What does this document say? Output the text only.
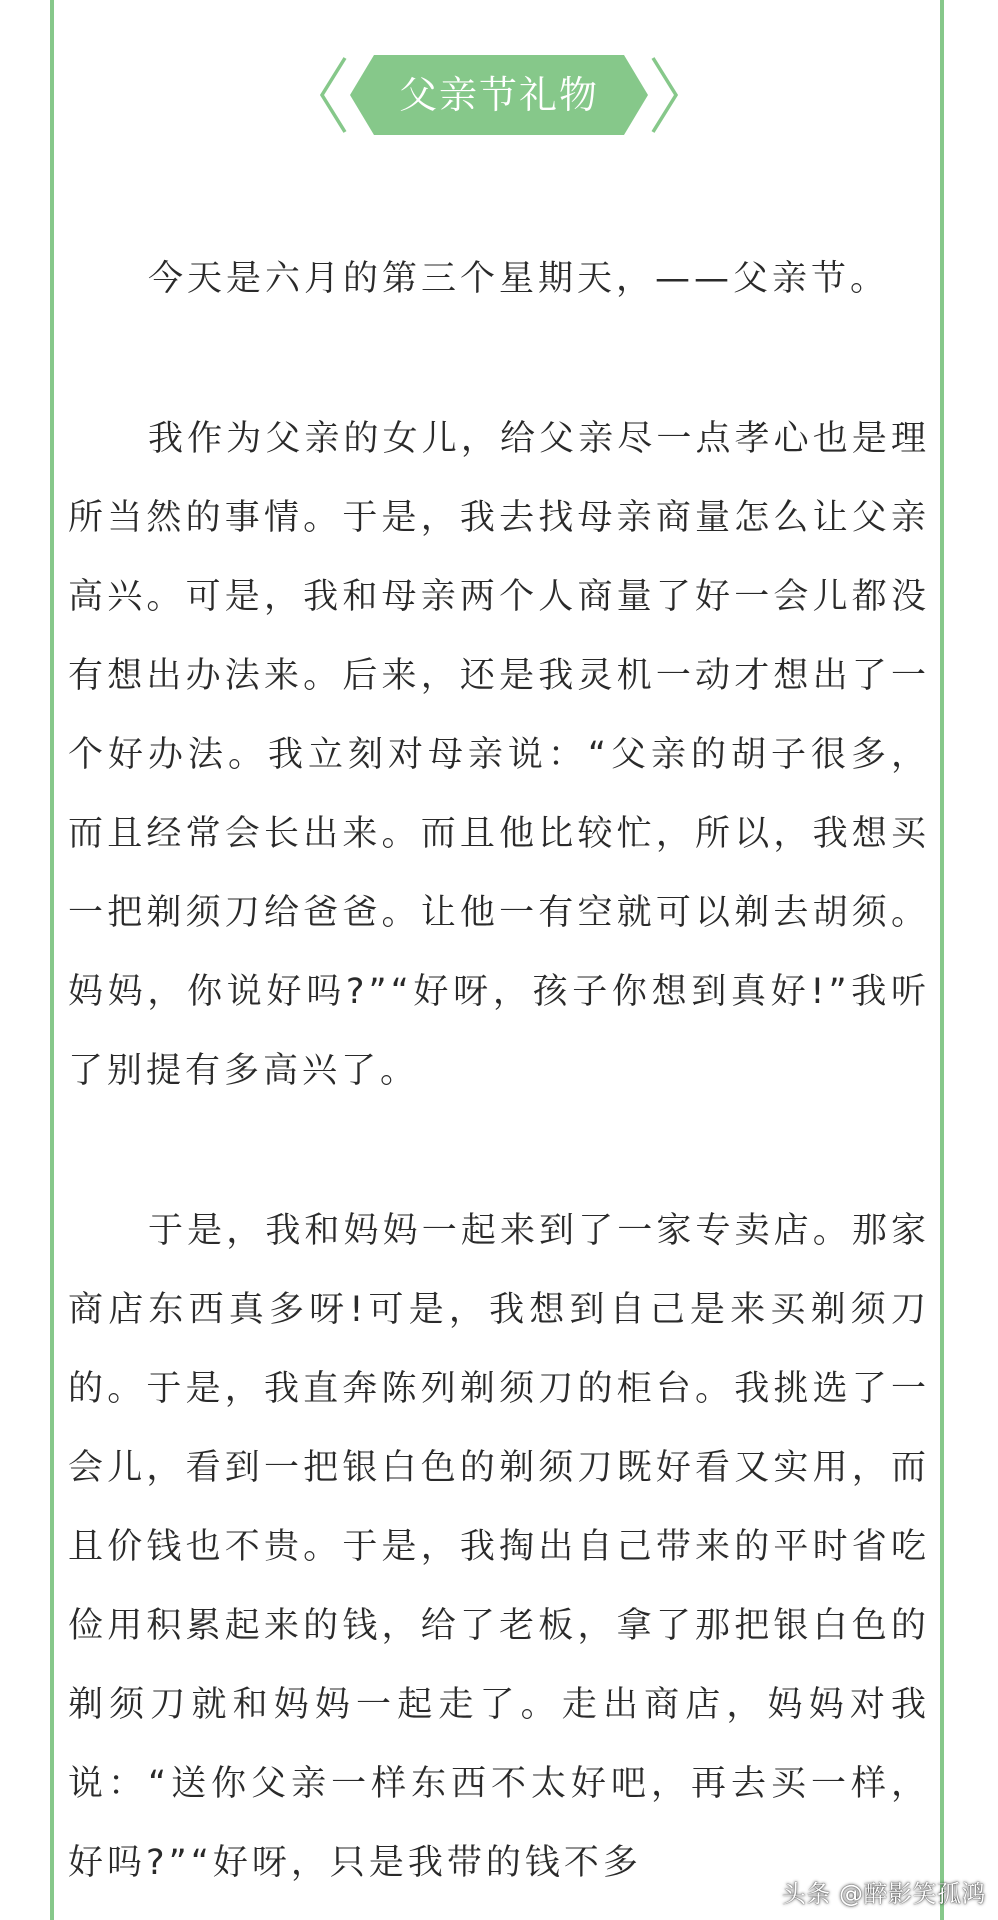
父亲节礼物

今天是六月的第三个星期天，——父亲节。

我作为父亲的女儿，给父亲尽一点孝心也是理所当然的事情。于是，我去找母亲商量怎么让父亲高兴。可是，我和母亲两个人商量了好一会儿都没有想出办法来。后来，还是我灵机一动才想出了一个好办法。我立刻对母亲说：“父亲的胡子很多，而且经常会长出来。而且他比较忙，所以，我想买一把剃须刀给爸爸。让他一有空就可以剃去胡须。妈妈，你说好吗?”“好呀，孩子你想到真好!”我听了别提有多高兴了。

于是，我和妈妈一起来到了一家专卖店。那家商店东西真多呀!可是，我想到自己是来买剃须刀的。于是，我直奔陈列剃须刀的柜台。我挑选了一会儿，看到一把银白色的剃须刀既好看又实用，而且价钱也不贵。于是，我掏出自己带来的平时省吃俭用积累起来的钱，给了老板，拿了那把银白色的剃须刀就和妈妈一起走了。走出商店，妈妈对我说：“送你父亲一样东西不太好吧，再去买一样，好吗?”“好呀，只是我带的钱不多

头条 @醉影笑孤鸿
